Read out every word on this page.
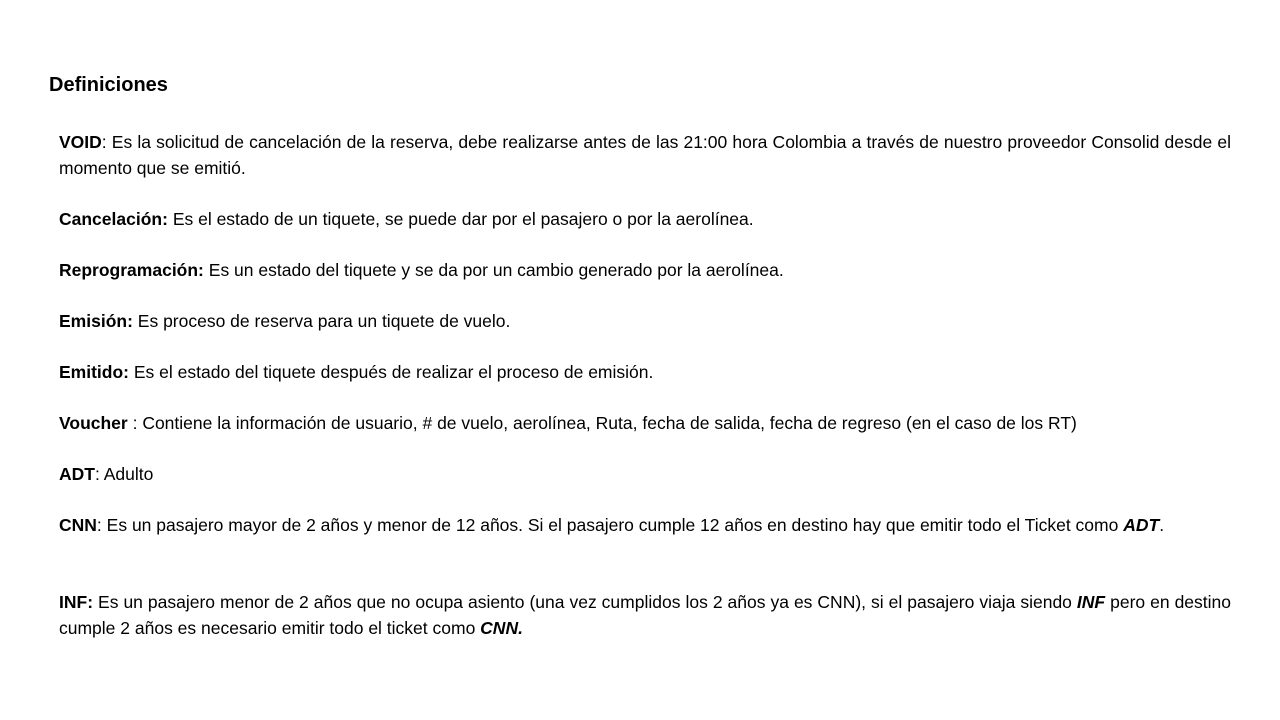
Definiciones

VOID: Es la solicitud de cancelación de la reserva, debe realizarse antes de las 21:00 hora Colombia a través de nuestro proveedor Consolid desde el momento que se emitió.

Cancelación: Es el estado de un tiquete, se puede dar por el pasajero o por la aerolínea.

Reprogramación: Es un estado del tiquete y se da por un cambio generado por la aerolínea.

Emisión: Es proceso de reserva para un tiquete de vuelo.

Emitido: Es el estado del tiquete después de realizar el proceso de emisión.

Voucher : Contiene la información de usuario, # de vuelo, aerolínea, Ruta, fecha de salida, fecha de regreso (en el caso de los RT)

ADT: Adulto

CNN: Es un pasajero mayor de 2 años y menor de 12 años. Si el pasajero cumple 12 años en destino hay que emitir todo el Ticket como ADT.

INF: Es un pasajero menor de 2 años que no ocupa asiento (una vez cumplidos los 2 años ya es CNN), si el pasajero viaja siendo INF pero en destino cumple 2 años es necesario emitir todo el ticket como CNN.
